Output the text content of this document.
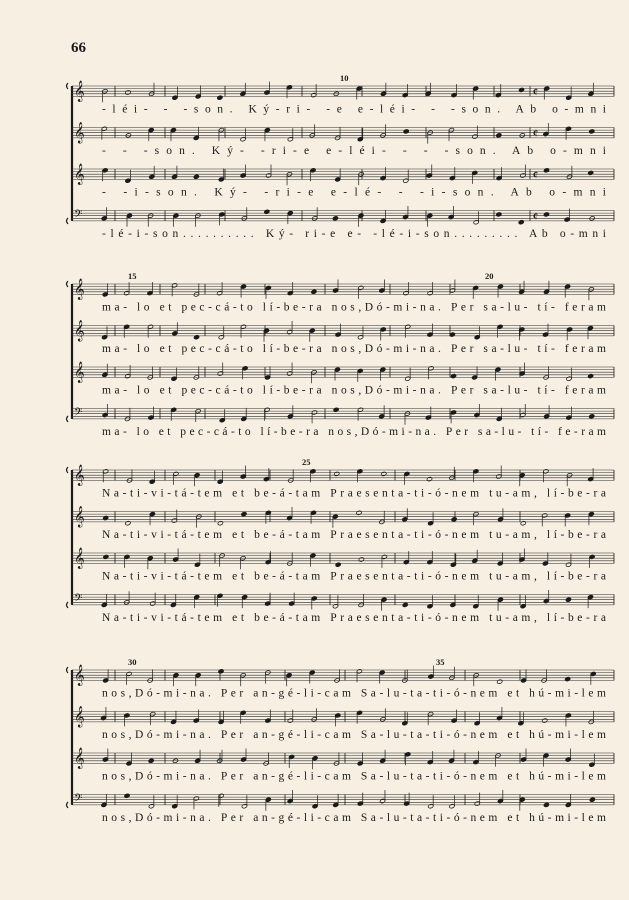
66
10
𝄞	¢
-léi- - -son. Ký-ri- -e e-léi- - -son. Ab o-mni
𝄞	¢
- - -son. Ký- -ri-e e-léi- - - -son. Ab o-mni
𝄞	¢
- -i-son. Ký- -ri-e e-lé- - -i-son. Ab o-mni
𝄢	¢
-lé-i-son.......... Ký- ri-e e- -lé-i-son......... Ab o-mni
15	20
𝄞
ma- lo et pec-cá-to lí-be-ra nos,Dó-mi-na. Per sa-lu- tí- feram
𝄞
ma- lo et pec-cá-to lí-be-ra nos,Dó-mi-na. Per sa-lu- tí- feram
𝄞
ma- lo et pec-cá-to lí-be-ra nos,Dó-mi-na. Per sa-lu- tí- feram
𝄢
ma- lo et pec-cá-to lí-be-ra nos,Dó-mi-na. Per sa-lu- tí- fe-ram
25
𝄞
Na-ti-vi-tá-tem et be-á-tam Praesenta-ti-ó-nem tu-am, lí-be-ra
𝄞
Na-ti-vi-tá-tem et be-á-tam Praesenta-ti-ó-nem tu-am, lí-be-ra
𝄞
Na-ti-vi-tá-tem et be-á-tam Praesenta-ti-ó-nem tu-am, lí-be-ra
𝄢
Na-ti-vi-tá-tem et be-á-tam Praesenta-ti-ó-nem tu-am, lí-be-ra
30	35
𝄞
nos,Dó-mi-na. Per an-gé-li-cam Sa-lu-ta-ti-ó-nem et hú-mi-lem
𝄞
nos,Dó-mi-na. Per an-gé-li-cam Sa-lu-ta-ti-ó-nem et hú-mi-lem
𝄞
nos,Dó-mi-na. Per an-gé-li-cam Sa-lu-ta-ti-ó-nem et hú-mi-lem
𝄢
nos,Dó-mi-na. Per an-gé-li-cam Sa-lu-ta-ti-ó-nem et hú-mi-lem
